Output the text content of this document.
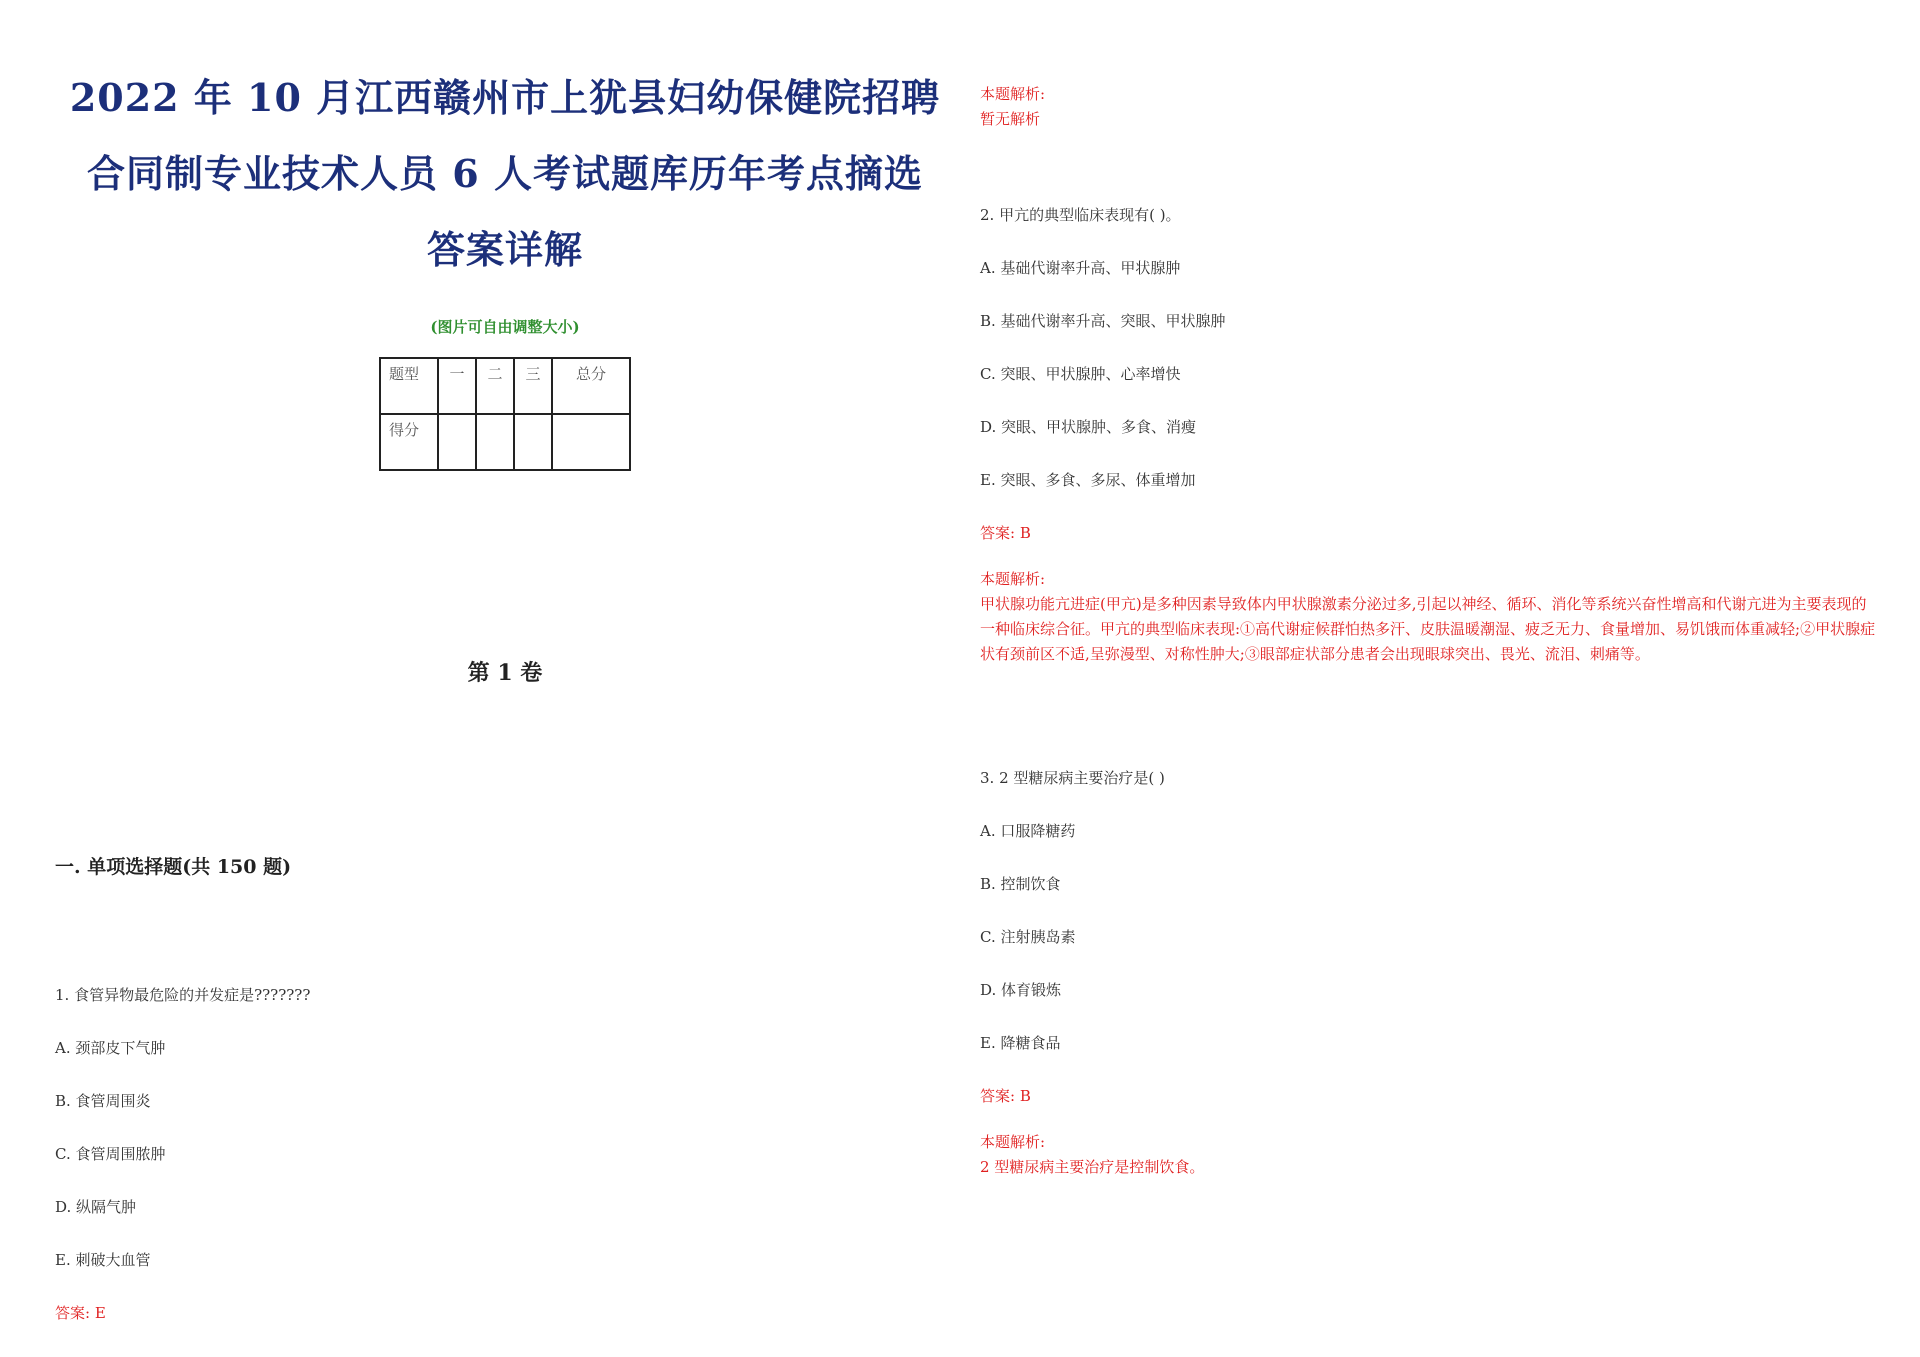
2022 年 10 月江西赣州市上犹县妇幼保健院招聘
合同制专业技术人员 6 人考试题库历年考点摘选
答案详解
(图片可自由调整大小)
题型	一	二	三	总分
得分				
第 1 卷
一. 单项选择题(共 150 题)
1. 食管异物最危险的并发症是???????
A. 颈部皮下气肿
B. 食管周围炎
C. 食管周围脓肿
D. 纵隔气肿
E. 刺破大血管
答案: E
本题解析:
暂无解析
2. 甲亢的典型临床表现有( )。
A. 基础代谢率升高、甲状腺肿
B. 基础代谢率升高、突眼、甲状腺肿
C. 突眼、甲状腺肿、心率增快
D. 突眼、甲状腺肿、多食、消瘦
E. 突眼、多食、多尿、体重增加
答案: B
本题解析:
甲状腺功能亢进症(甲亢)是多种因素导致体内甲状腺激素分泌过多,引起以神经、循环、消化等系统兴奋性增高和代谢亢进为主要表现的一种临床综合征。甲亢的典型临床表现:①高代谢症候群怕热多汗、皮肤温暖潮湿、疲乏无力、食量增加、易饥饿而体重减轻;②甲状腺症状有颈前区不适,呈弥漫型、对称性肿大;③眼部症状部分患者会出现眼球突出、畏光、流泪、刺痛等。
3. 2 型糖尿病主要治疗是( )
A. 口服降糖药
B. 控制饮食
C. 注射胰岛素
D. 体育锻炼
E. 降糖食品
答案: B
本题解析:
2 型糖尿病主要治疗是控制饮食。
